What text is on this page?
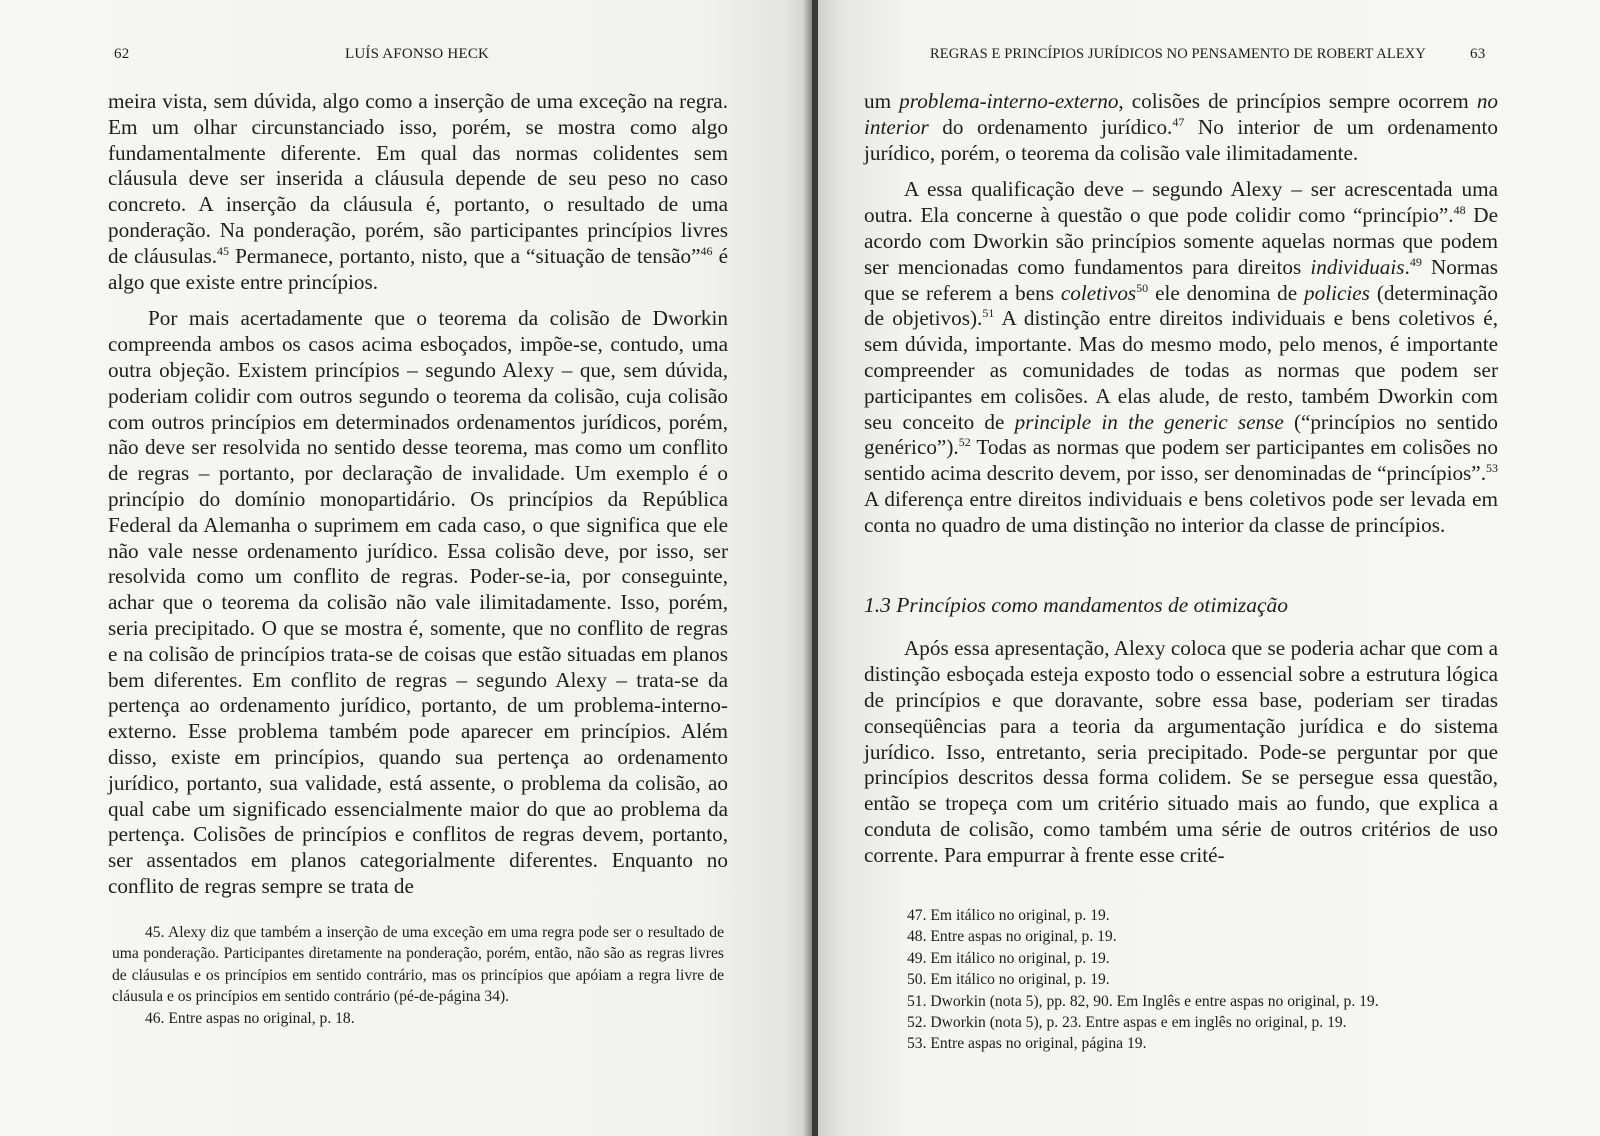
62	LUÍS AFONSO HECK

meira vista, sem dúvida, algo como a inserção de uma exceção na regra. Em um olhar circunstanciado isso, porém, se mostra como algo fundamentalmente diferente. Em qual das normas colidentes sem cláusula deve ser inserida a cláusula depende de seu peso no caso concreto. A inserção da cláusula é, portanto, o resultado de uma ponderação. Na ponderação, porém, são participantes princípios livres de cláusulas.$^{45}$ Permanece, portanto, nisto, que a “situação de tensão”$^{46}$ é algo que existe entre princípios.

Por mais acertadamente que o teorema da colisão de Dworkin compreenda ambos os casos acima esboçados, impõe-se, contudo, uma outra objeção. Existem princípios – segundo Alexy – que, sem dúvida, poderiam colidir com outros segundo o teorema da colisão, cuja colisão com outros princípios em determinados ordenamentos jurídicos, porém, não deve ser resolvida no sentido desse teorema, mas como um conflito de regras – portanto, por declaração de invalidade. Um exemplo é o princípio do domínio monopartidário. Os princípios da República Federal da Alemanha o suprimem em cada caso, o que significa que ele não vale nesse ordenamento jurídico. Essa colisão deve, por isso, ser resolvida como um conflito de regras. Poder-se-ia, por conseguinte, achar que o teorema da colisão não vale ilimitadamente. Isso, porém, seria precipitado. O que se mostra é, somente, que no conflito de regras e na colisão de princípios trata-se de coisas que estão situadas em planos bem diferentes. Em conflito de regras – segundo Alexy – trata-se da pertença ao ordenamento jurídico, portanto, de um problema-interno-externo. Esse problema também pode aparecer em princípios. Além disso, existe em princípios, quando sua pertença ao ordenamento jurídico, portanto, sua validade, está assente, o problema da colisão, ao qual cabe um significado essencialmente maior do que ao problema da pertença. Colisões de princípios e conflitos de regras devem, portanto, ser assentados em planos categorialmente diferentes. Enquanto no conflito de regras sempre se trata de

45. Alexy diz que também a inserção de uma exceção em uma regra pode ser o resultado de uma ponderação. Participantes diretamente na ponderação, porém, então, não são as regras livres de cláusulas e os princípios em sentido contrário, mas os princípios que apóiam a regra livre de cláusula e os princípios em sentido contrário (pé-de-página 34).

46. Entre aspas no original, p. 18.

REGRAS E PRINCÍPIOS JURÍDICOS NO PENSAMENTO DE ROBERT ALEXY	63

um problema-interno-externo, colisões de princípios sempre ocorrem no interior do ordenamento jurídico.$^{47}$ No interior de um ordenamento jurídico, porém, o teorema da colisão vale ilimitadamente.

A essa qualificação deve – segundo Alexy – ser acrescentada uma outra. Ela concerne à questão o que pode colidir como “princípio”.$^{48}$ De acordo com Dworkin são princípios somente aquelas normas que podem ser mencionadas como fundamentos para direitos individuais.$^{49}$ Normas que se referem a bens coletivos$^{50}$ ele denomina de policies (determinação de objetivos).$^{51}$ A distinção entre direitos individuais e bens coletivos é, sem dúvida, importante. Mas do mesmo modo, pelo menos, é importante compreender as comunidades de todas as normas que podem ser participantes em colisões. A elas alude, de resto, também Dworkin com seu conceito de principle in the generic sense (“princípios no sentido genérico”).$^{52}$ Todas as normas que podem ser participantes em colisões no sentido acima descrito devem, por isso, ser denominadas de “princípios”.$^{53}$ A diferença entre direitos individuais e bens coletivos pode ser levada em conta no quadro de uma distinção no interior da classe de princípios.

1.3 Princípios como mandamentos de otimização

Após essa apresentação, Alexy coloca que se poderia achar que com a distinção esboçada esteja exposto todo o essencial sobre a estrutura lógica de princípios e que doravante, sobre essa base, poderiam ser tiradas conseqüências para a teoria da argumentação jurídica e do sistema jurídico. Isso, entretanto, seria precipitado. Pode-se perguntar por que princípios descritos dessa forma colidem. Se se persegue essa questão, então se tropeça com um critério situado mais ao fundo, que explica a conduta de colisão, como também uma série de outros critérios de uso corrente. Para empurrar à frente esse crité-

47. Em itálico no original, p. 19.

48. Entre aspas no original, p. 19.

49. Em itálico no original, p. 19.

50. Em itálico no original, p. 19.

51. Dworkin (nota 5), pp. 82, 90. Em Inglês e entre aspas no original, p. 19.

52. Dworkin (nota 5), p. 23. Entre aspas e em inglês no original, p. 19.

53. Entre aspas no original, página 19.
